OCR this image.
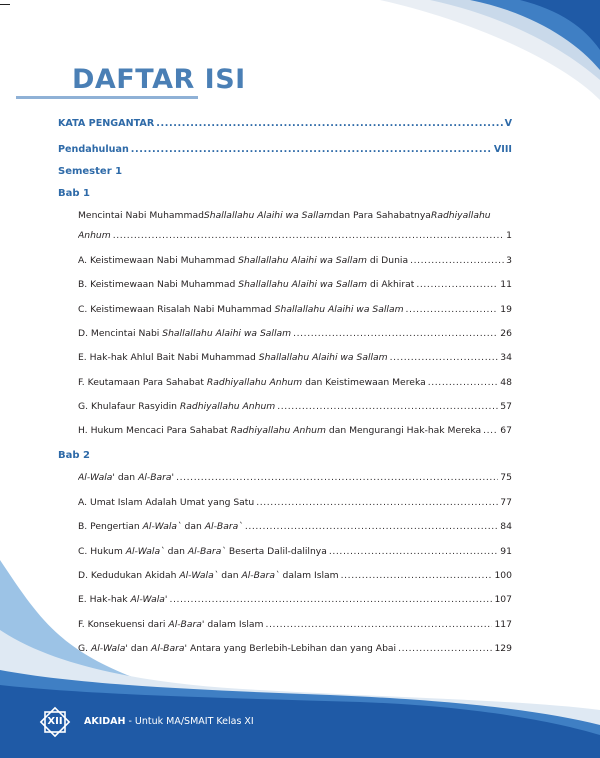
DAFTAR ISI
KATA PENGANTAR .....	V
Pendahuluan .....	VIII
Semester 1
Bab 1
Mencintai Nabi Muhammad Shallallahu Alaihi wa Sallam dan Para Sahabatnya Radhiyallahu
Anhum .....	1
A. Keistimewaan Nabi Muhammad Shallallahu Alaihi wa Sallam di Dunia .....	3
B. Keistimewaan Nabi Muhammad Shallallahu Alaihi wa Sallam di Akhirat .....	11
C. Keistimewaan Risalah Nabi Muhammad Shallallahu Alaihi wa Sallam .....	19
D. Mencintai Nabi Shallallahu Alaihi wa Sallam .....	26
E. Hak-hak Ahlul Bait Nabi Muhammad Shallallahu Alaihi wa Sallam .....	34
F. Keutamaan Para Sahabat Radhiyallahu Anhum dan Keistimewaan Mereka .....	48
G. Khulafaur Rasyidin Radhiyallahu Anhum .....	57
H. Hukum Mencaci Para Sahabat Radhiyallahu Anhum dan Mengurangi Hak-hak Mereka ..... 67
Bab 2
Al-Wala' dan Al-Bara' .....	75
A. Umat Islam Adalah Umat yang Satu .....	77
B. Pengertian Al-Wala` dan Al-Bara` .....	84
C. Hukum Al-Wala` dan Al-Bara` Beserta Dalil-dalilnya .....	91
D. Kedudukan Akidah Al-Wala` dan Al-Bara` dalam Islam .....	100
E. Hak-hak Al-Wala' .....	107
F. Konsekuensi dari Al-Bara' dalam Islam .....	117
G. Al-Wala' dan Al-Bara' Antara yang Berlebih-Lebihan dan yang Abai .....	129
XII	AKIDAH - Untuk MA/SMAIT Kelas XI
